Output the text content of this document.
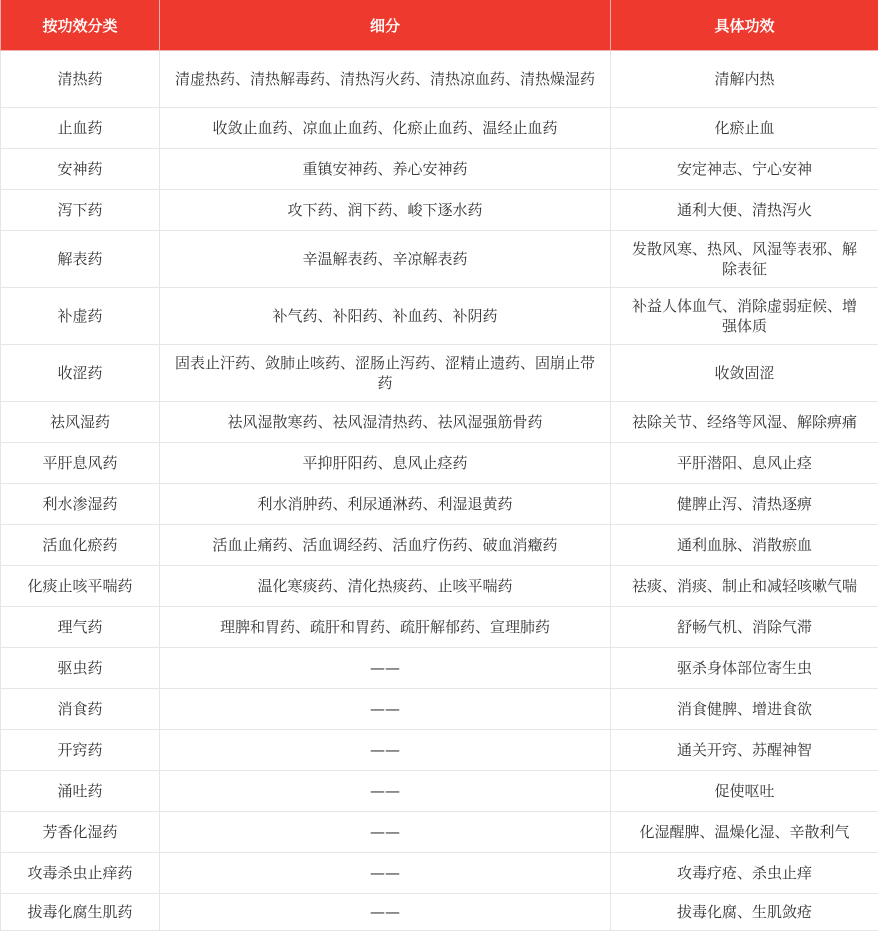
按功效分类	细分	具体功效
清热药	清虚热药、清热解毒药、清热泻火药、清热凉血药、清热燥湿药	清解内热
止血药	收敛止血药、凉血止血药、化瘀止血药、温经止血药	化瘀止血
安神药	重镇安神药、养心安神药	安定神志、宁心安神
泻下药	攻下药、润下药、峻下逐水药	通利大便、清热泻火
解表药	辛温解表药、辛凉解表药	发散风寒、热风、风湿等表邪、解除表征
补虚药	补气药、补阳药、补血药、补阴药	补益人体血气、消除虚弱症候、增强体质
收涩药	固表止汗药、敛肺止咳药、涩肠止泻药、涩精止遗药、固崩止带药	收敛固涩
祛风湿药	祛风湿散寒药、祛风湿清热药、祛风湿强筋骨药	祛除关节、经络等风湿、解除痹痛
平肝息风药	平抑肝阳药、息风止痉药	平肝潜阳、息风止痉
利水渗湿药	利水消肿药、利尿通淋药、利湿退黄药	健脾止泻、清热逐痹
活血化瘀药	活血止痛药、活血调经药、活血疗伤药、破血消癥药	通利血脉、消散瘀血
化痰止咳平喘药	温化寒痰药、清化热痰药、止咳平喘药	祛痰、消痰、制止和减轻咳嗽气喘
理气药	理脾和胃药、疏肝和胃药、疏肝解郁药、宣理肺药	舒畅气机、消除气滞
驱虫药	——	驱杀身体部位寄生虫
消食药	——	消食健脾、增进食欲
开窍药	——	通关开窍、苏醒神智
涌吐药	——	促使呕吐
芳香化湿药	——	化湿醒脾、温燥化湿、辛散利气
攻毒杀虫止痒药	——	攻毒疗疮、杀虫止痒
拔毒化腐生肌药	——	拔毒化腐、生肌敛疮
